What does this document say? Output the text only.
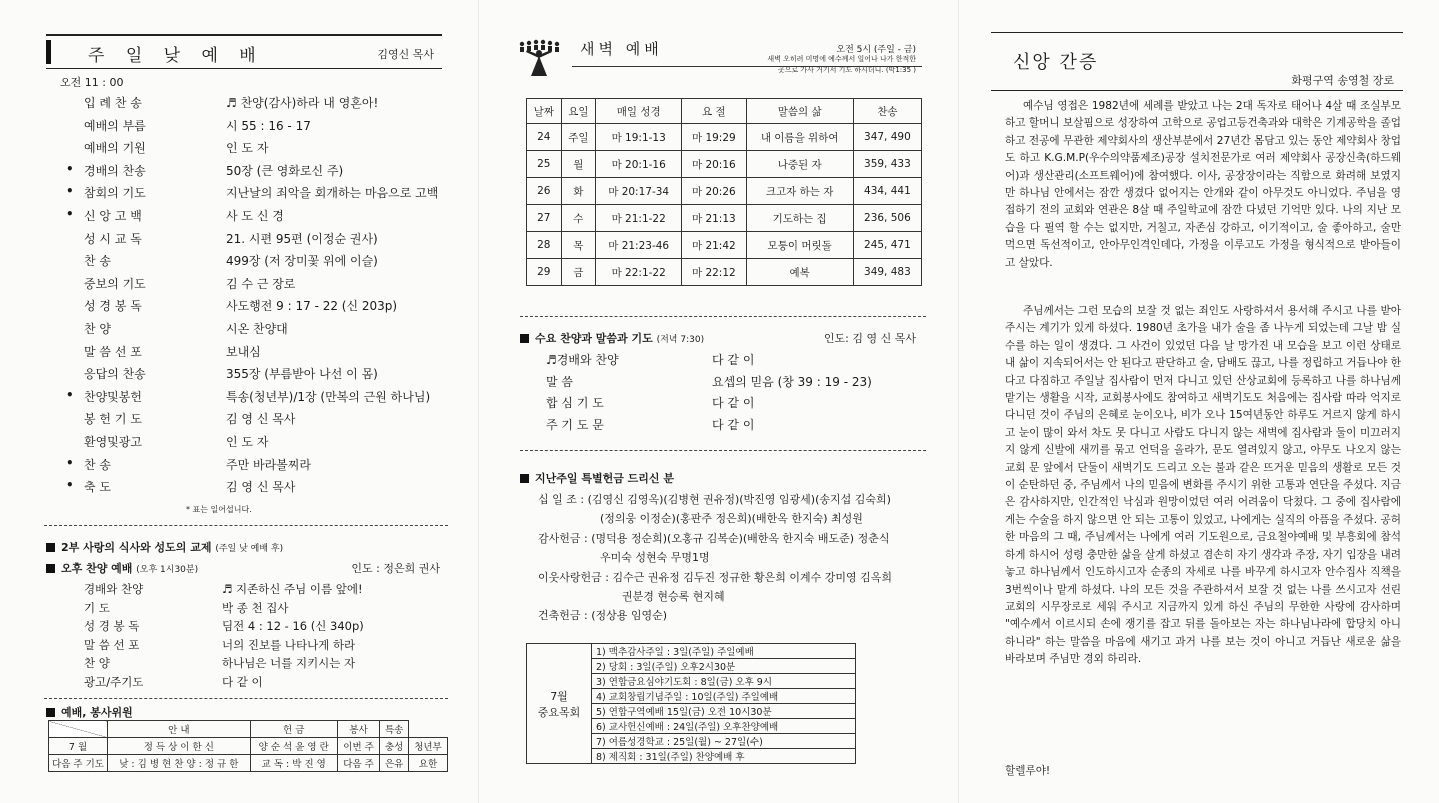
주 일 낮 예 배	김영신 목사
오전 11 : 00
입 례 찬 송	♬ 찬양(감사)하라 내 영혼아!
예배의 부름	시 55 : 16 - 17
예배의 기원	인 도 자
• 경배의 찬송	50장 (큰 영화로신 주)
• 참회의 기도	지난날의 죄악을 회개하는 마음으로 고백
• 신 앙 고 백	사 도 신 경
성 시 교 독	21. 시편 95편 (이정순 권사)
찬 송	499장 (저 장미꽃 위에 이슬)
중보의 기도	김 수 근 장로
성 경 봉 독	사도행전 9 : 17 - 22 (신 203p)
찬 양	시온 찬양대
말 씀 선 포	보내심
응답의 찬송	355장 (부름받아 나선 이 몸)
• 찬양및봉헌	특송(청년부)/1장 (만복의 근원 하나님)
봉 헌 기 도	김 영 신 목사
환영및광고	인 도 자
• 찬 송	주만 바라볼찌라
• 축 도	김 영 신 목사
* 표는 일어섭니다.
2부 사랑의 식사와 성도의 교제 (주일 낮 예배 후)
오후 찬양 예배 (오후 1시30분)	인도 : 정은희 권사
경배와 찬양	♬ 지존하신 주님 이름 앞에!
기 도	박 종 천 집사
성 경 봉 독	딤전 4 : 12 - 16 (신 340p)
말 씀 선 포	너의 진보를 나타나게 하라
찬 양	하나님은 너를 지키시는 자
광고/주기도	다 같 이
예배, 봉사위원
	안 내	헌 금	봉사	특송	
7 월	정 득 상 이 한 신	양 순 석 윤 영 란	이번 주	충성	청년부
다음 주 기도	낮 : 김 병 현 찬 양 : 정 규 한	교 독 : 박 진 영	다음 주	은유	요한
새벽 예배	오전 5시 (주일 - 금)
새벽 오히려 미명에 예수께서 일어나 나가 한적한
곳으로 가사 거기서 기도 하시더니. (막1:35 )
날짜	요일	매일 성경	요 절	말씀의 삶	찬송
24	주일	마 19:1-13	마 19:29	내 이름을 위하여	347, 490
25	월	마 20:1-16	마 20:16	나중된 자	359, 433
26	화	마 20:17-34	마 20:26	크고자 하는 자	434, 441
27	수	마 21:1-22	마 21:13	기도하는 집	236, 506
28	목	마 21:23-46	마 21:42	모퉁이 머릿돌	245, 471
29	금	마 22:1-22	마 22:12	예복	349, 483
수요 찬양과 말씀과 기도 (저녁 7:30)	인도: 김 영 신 목사
♬경배와 찬양	다 같 이
말 씀	요셉의 믿음 (창 39 : 19 - 23)
합 심 기 도	다 같 이
주 기 도 문	다 같 이
지난주일 특별헌금 드리신 분
십 일 조 : (김영신 김영옥)(김병현 권유정)(박진영 임광세)(송지섭 김숙희)
(정의웅 이정순)(홍판주 정은희)(배한옥 한지숙) 최성원
감사헌금 : (명덕용 정순희)(오홍규 김복순)(배한옥 한지숙 배도준) 정춘식
우미숙 성현숙 무명1명
이웃사랑헌금 : 김수근 권유정 김두진 정규한 황은희 이계수 강미영 김옥희
권분경 현승록 현지혜
건축헌금 : (정상용 임영순)
7월
중요목회
	1) 맥추감사주일 : 3일(주일) 주일예배
2) 당회 : 3일(주일) 오후2시30분
3) 연합금요심야기도회 : 8일(금) 오후 9시
4) 교회창립기념주일 : 10일(주일) 주일예배
5) 연합구역예배 15일(금) 오전 10시30분
6) 교사헌신예배 : 24일(주일) 오후찬양예배
7) 여름성경학교 : 25일(월) ~ 27일(수)
8) 제직회 : 31일(주일) 찬양예배 후
신앙 간증
화평구역 송영철 장로
예수님 영접은 1982년에 세례를 받았고 나는 2대 독자로 태어나 4살 때 조실부모하고 할머니 보살핌으로 성장하여 고학으로 공업고등건축과와 대학은 기계공학을 졸업하고 전공에 무관한 제약회사의 생산부분에서 27년간 몸담고 있는 동안 제약회사 창업도 하고 K.G.M.P(우수의약품제조)공장 설치전문가로 여러 제약회사 공장신축(하드웨어)과 생산관리(소프트웨어)에 참여했다. 이사, 공장장이라는 직함으로 화려해 보였지만 하나님 안에서는 잠깐 생겼다 없어지는 안개와 같이 아무것도 아니었다. 주님을 영접하기 전의 교회와 연관은 8살 때 주일학교에 잠깐 다녔던 기억만 있다. 나의 지난 모습을 다 필역 할 수는 없지만, 거칠고, 자존심 강하고, 이기적이고, 술 좋아하고, 술만 먹으면 독선적이고, 안아무인격인데다, 가정을 이루고도 가정을 형식적으로 받아들이고 살았다.
주님께서는 그런 모습의 보잘 것 없는 죄인도 사랑하셔서 용서해 주시고 나를 받아 주시는 계기가 있게 하셨다. 1980년 초가을 내가 술을 좀 나누게 되었는데 그날 밤 실수를 하는 일이 생겼다. 그 사건이 있었던 다음 날 망가진 내 모습을 보고 이런 상태로 내 삶이 지속되어서는 안 된다고 판단하고 술, 담배도 끊고, 나를 정립하고 거듭나야 한다고 다짐하고 주일날 집사람이 먼저 다니고 있던 산상교회에 등록하고 나를 하나님께 맡기는 생활을 시작, 교회봉사에도 참여하고 새벽기도도 처음에는 집사람 따라 억지로 다니던 것이 주님의 은혜로 눈이오나, 비가 오나 15여년동안 하루도 거르지 않게 하시고 눈이 많이 와서 차도 못 다니고 사람도 다니지 않는 새벽에 집사람과 둘이 미끄러지지 않게 신발에 새끼를 묶고 언덕을 올라가, 문도 열려있지 않고, 아무도 나오지 않는 교회 문 앞에서 단둘이 새벽기도 드리고 오는 불과 같은 뜨거운 믿음의 생활로 모든 것이 순탄하던 중, 주님께서 나의 믿음에 변화를 주시기 위한 고통과 연단을 주셨다. 지금은 감사하지만, 인간적인 낙심과 원망이었던 여러 어려움이 닥쳤다. 그 중에 집사람에게는 수술을 하지 않으면 안 되는 고통이 있었고, 나에게는 실직의 아픔을 주셨다. 공허한 마음의 그 때, 주님께서는 나에게 여러 기도원으로, 금요철야예배 및 부흥회에 참석하게 하시어 성령 충만한 삶을 살게 하셨고 겸손히 자기 생각과 주장, 자기 입장을 내려놓고 하나님께서 인도하시고자 순종의 자세로 나를 바꾸게 하시고자 안수집사 직책을 3번씩이나 맡게 하셨다. 나의 모든 것을 주관하셔서 보잘 것 없는 나를 쓰시고자 선린교회의 시무장로로 세워 주시고 지금까지 있게 하신 주님의 무한한 사랑에 감사하며 "예수께서 이르시되 손에 쟁기를 잡고 뒤를 돌아보는 자는 하나님나라에 합당치 아니하니라" 하는 말씀을 마음에 새기고 과거 나를 보는 것이 아니고 거듭난 새로운 삶을 바라보며 주님만 경외 하리라.
할렐루야!
